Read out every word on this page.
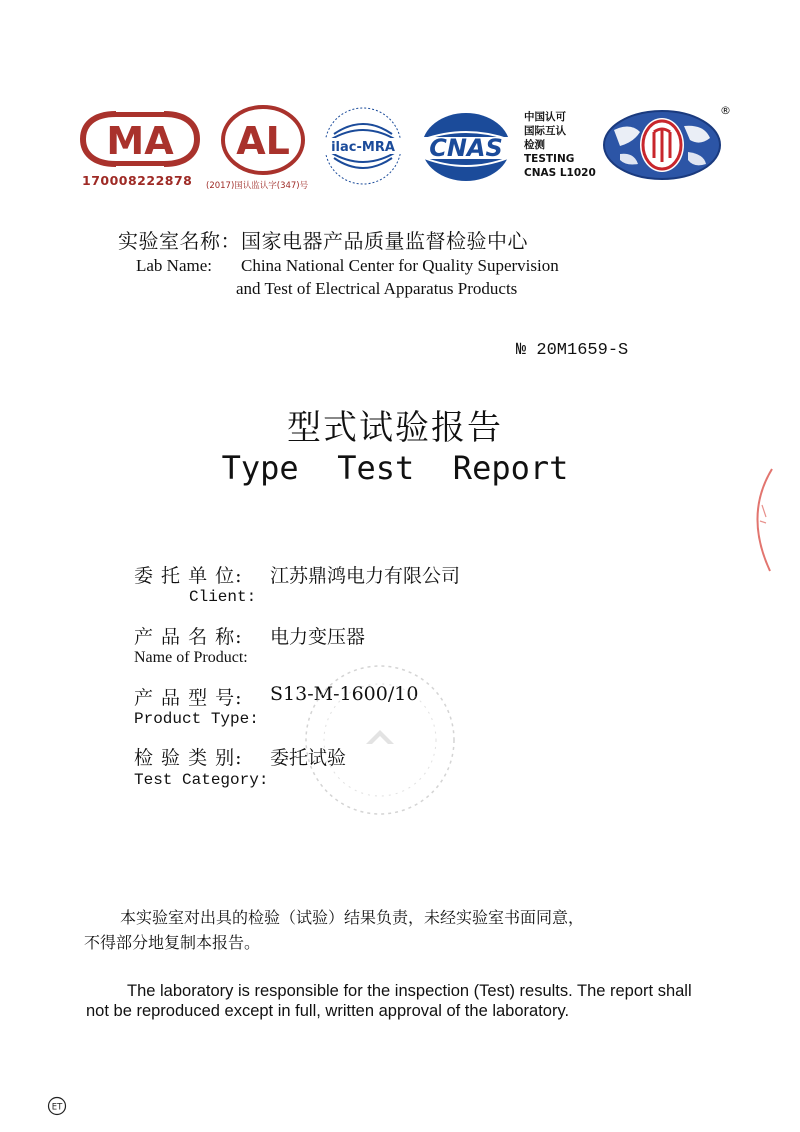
MA
170008222878
AL
(2017)国认监认字(347)号
ilac-MRA CNAS
中国认可
国际互认
检测
TESTING
CNAS L1020
®
实验室名称：国家电器产品质量监督检验中心
Lab Name: China National Center for Quality Supervision
and Test of Electrical Apparatus Products
№ 20M1659-S
型式试验报告
Type  Test  Report
委 托 单 位: 江苏鼎鸿电力有限公司
Client:
产 品 名 称: 电力变压器
Name of Product:
产 品 型 号: S13-M-1600/10
Product Type:
检 验 类 别: 委托试验
Test Category:
本实验室对出具的检验（试验）结果负责，未经实验室书面同意，
不得部分地复制本报告。
The laboratory is responsible for the inspection (Test) results. The report shall
not be reproduced except in full, written approval of the laboratory.
ET
